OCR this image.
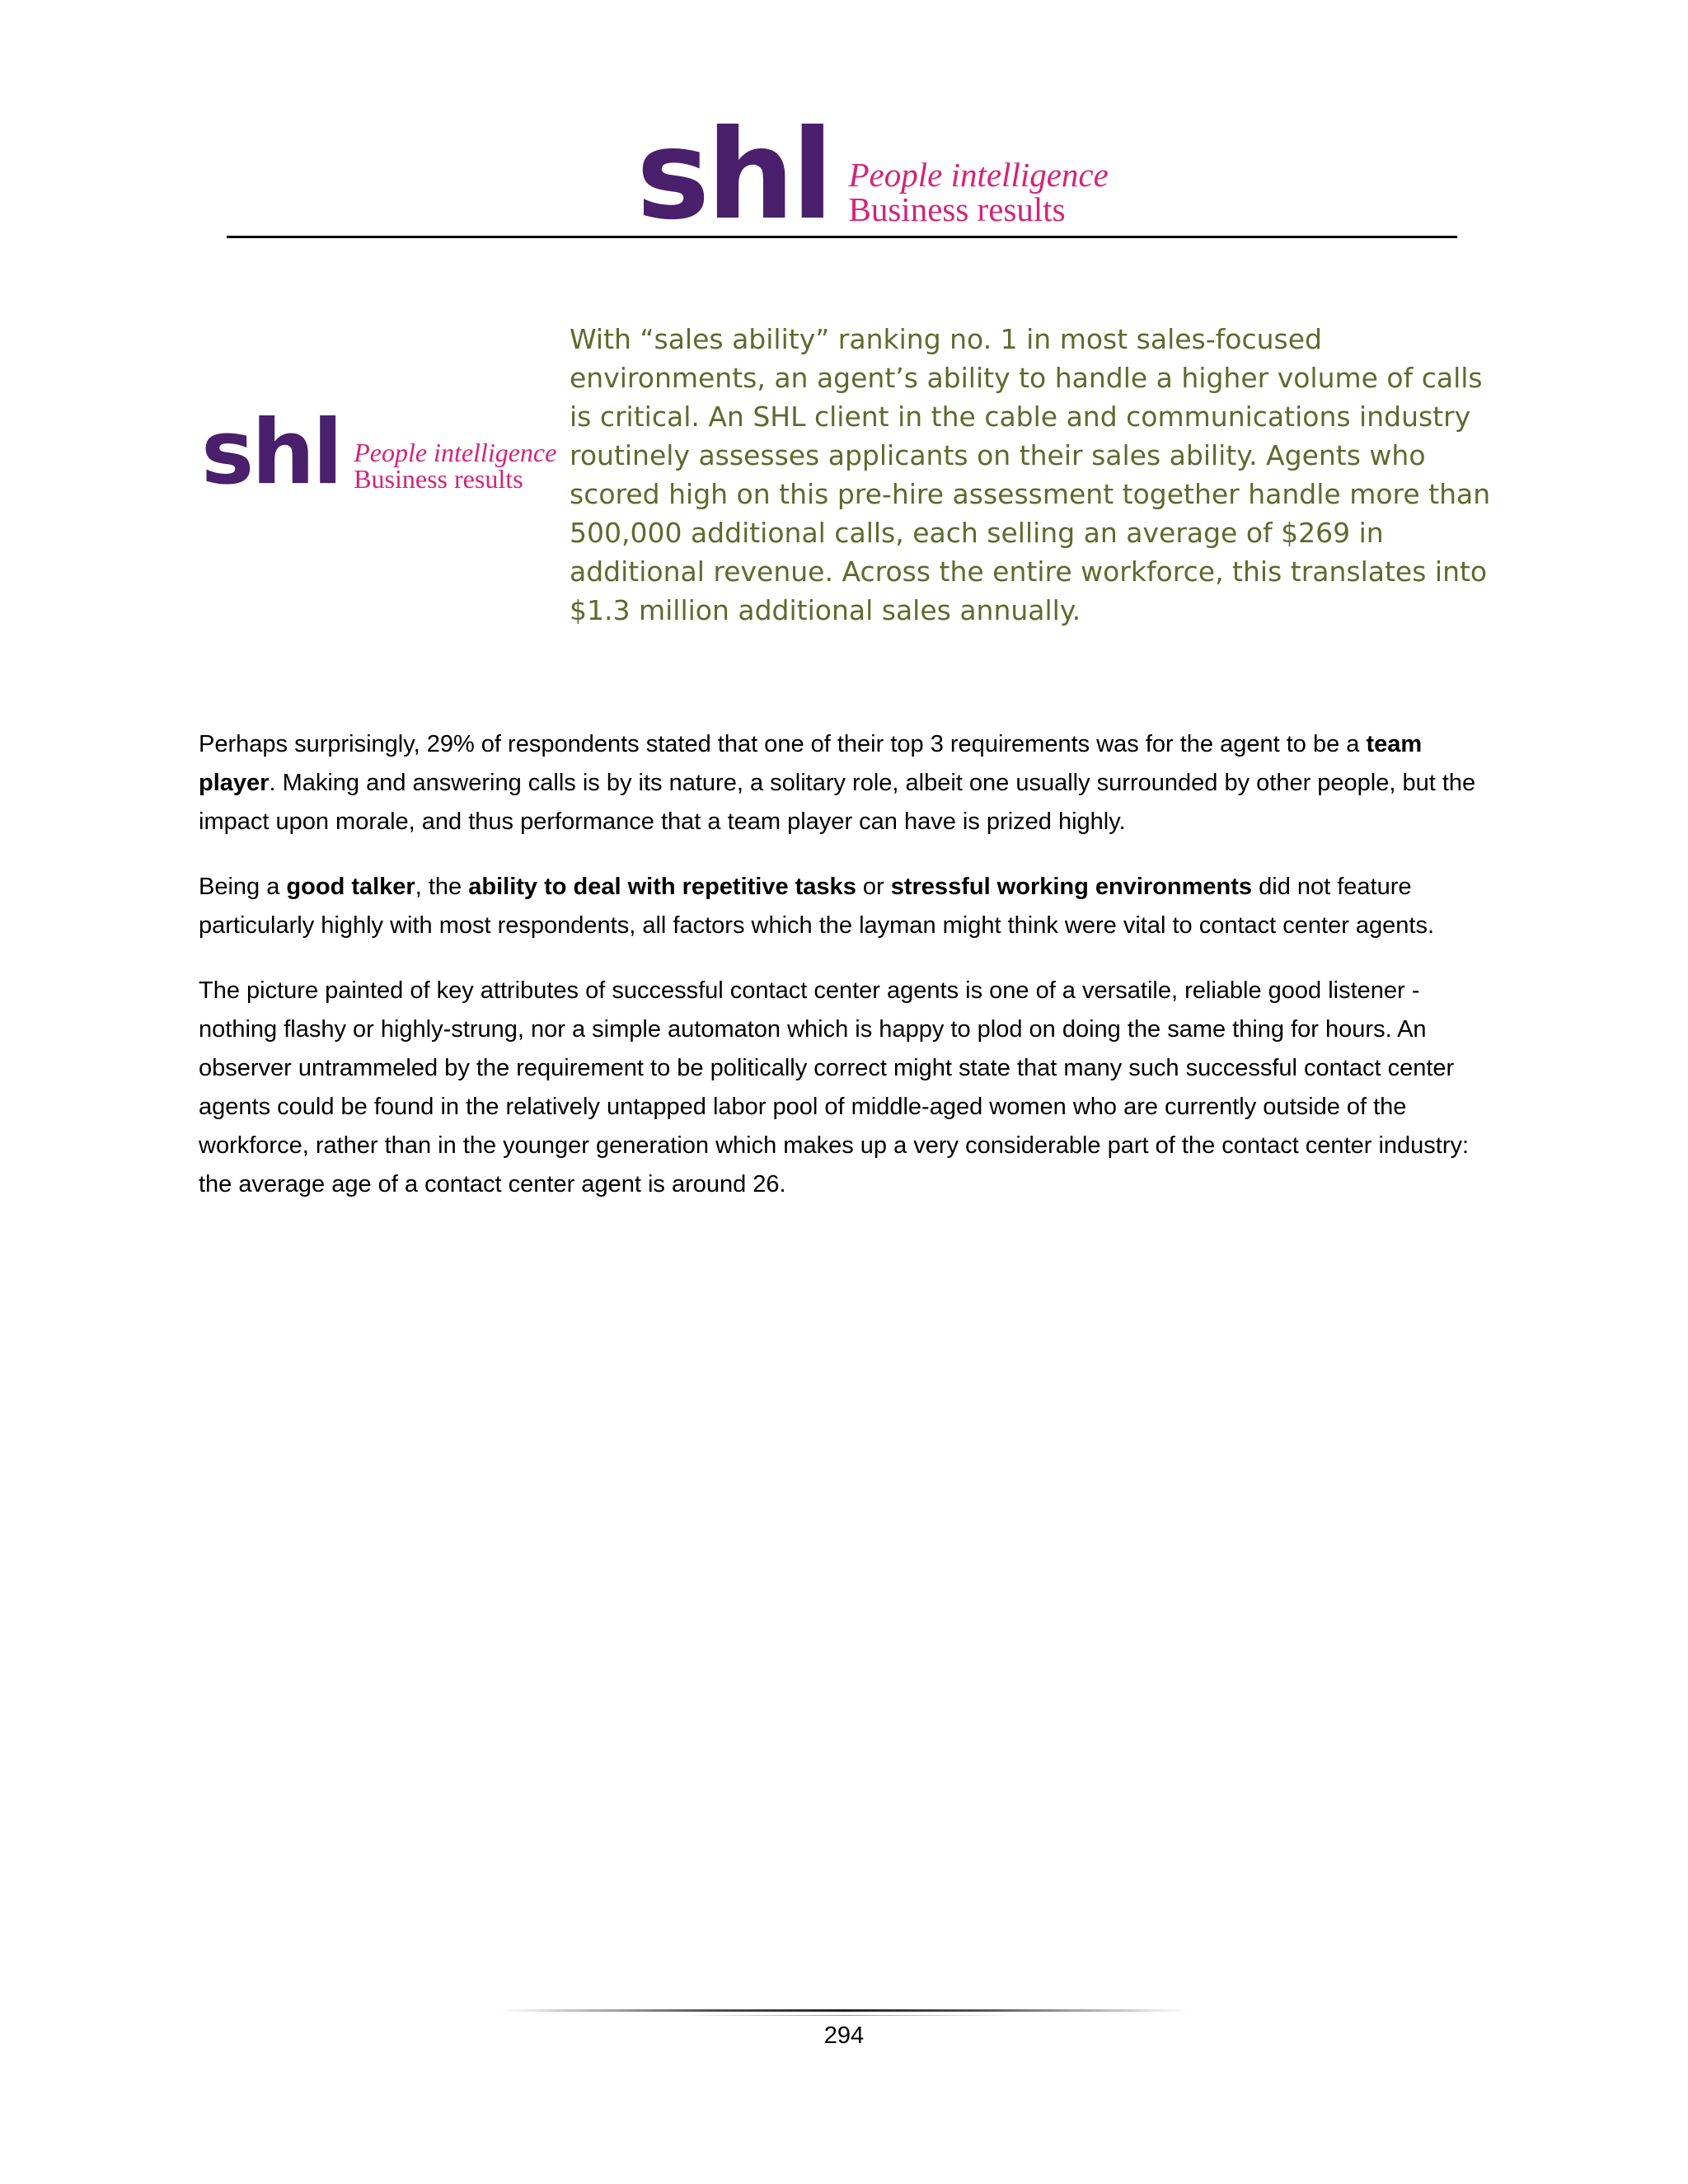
shl People intelligence
Business results
shl People intelligence
Business results

With “sales ability” ranking no. 1 in most sales-focused environments, an agent’s ability to handle a higher volume of calls is critical. An SHL client in the cable and communications industry routinely assesses applicants on their sales ability. Agents who scored high on this pre-hire assessment together handle more than 500,000 additional calls, each selling an average of $269 in additional revenue. Across the entire workforce, this translates into $1.3 million additional sales annually.

Perhaps surprisingly, 29% of respondents stated that one of their top 3 requirements was for the agent to be a team player. Making and answering calls is by its nature, a solitary role, albeit one usually surrounded by other people, but the impact upon morale, and thus performance that a team player can have is prized highly.

Being a good talker, the ability to deal with repetitive tasks or stressful working environments did not feature particularly highly with most respondents, all factors which the layman might think were vital to contact center agents.

The picture painted of key attributes of successful contact center agents is one of a versatile, reliable good listener - nothing flashy or highly-strung, nor a simple automaton which is happy to plod on doing the same thing for hours. An observer untrammeled by the requirement to be politically correct might state that many such successful contact center agents could be found in the relatively untapped labor pool of middle-aged women who are currently outside of the workforce, rather than in the younger generation which makes up a very considerable part of the contact center industry: the average age of a contact center agent is around 26.

294
